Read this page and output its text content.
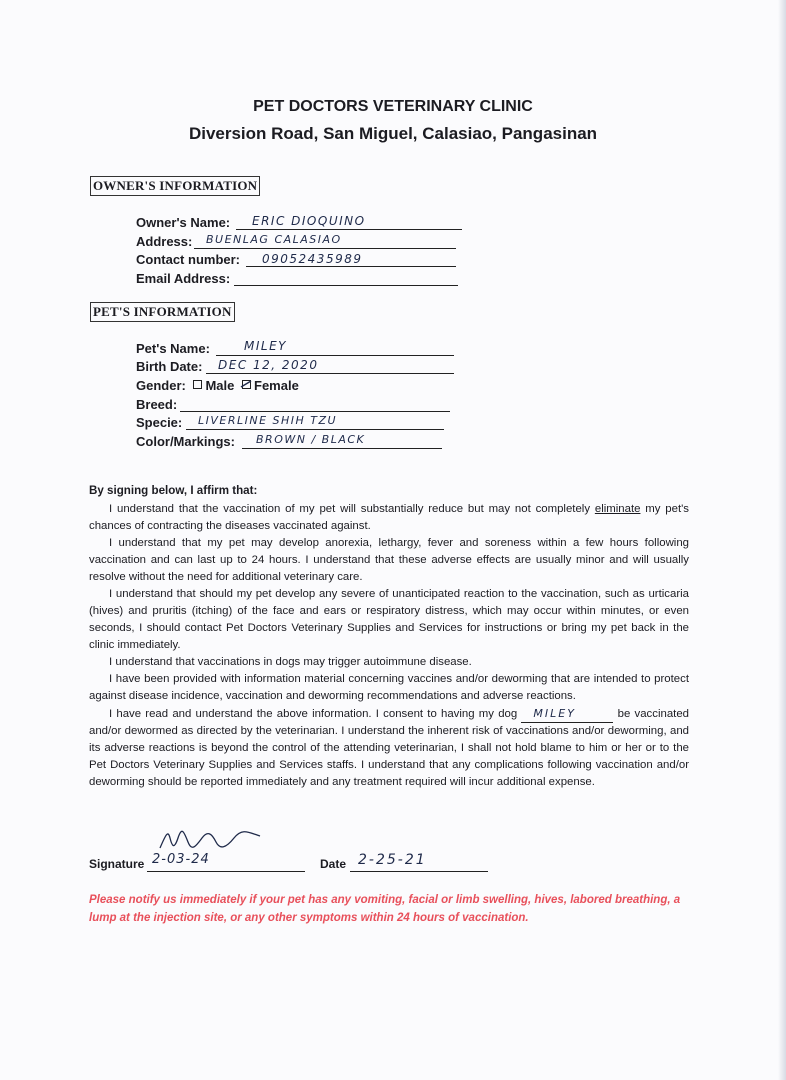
PET DOCTORS VETERINARY CLINIC
Diversion Road, San Miguel, Calasiao, Pangasinan
OWNER'S INFORMATION
Owner's Name: ERIC DIOQUINO
Address: BUENLAG CALASIAO
Contact number: 09052435989
Email Address:
PET'S INFORMATION
Pet's Name:	MILEY
Birth Date: DEC 12, 2020
Gender: Male Female
Breed:
Specie: LIVERLINE SHIH TZU
Color/Markings: BROWN / BLACK
By signing below, I affirm that:

I understand that the vaccination of my pet will substantially reduce but may not completely eliminate my pet's chances of contracting the diseases vaccinated against.

I understand that my pet may develop anorexia, lethargy, fever and soreness within a few hours following vaccination and can last up to 24 hours. I understand that these adverse effects are usually minor and will usually resolve without the need for additional veterinary care.

I understand that should my pet develop any severe of unanticipated reaction to the vaccination, such as urticaria (hives) and pruritis (itching) of the face and ears or respiratory distress, which may occur within minutes, or even seconds, I should contact Pet Doctors Veterinary Supplies and Services for instructions or bring my pet back in the clinic immediately.

I understand that vaccinations in dogs may trigger autoimmune disease.

I have been provided with information material concerning vaccines and/or deworming that are intended to protect against disease incidence, vaccination and deworming recommendations and adverse reactions.

I have read and understand the above information. I consent to having my dog MILEY	be vaccinated and/or dewormed as directed by the veterinarian. I understand the inherent risk of vaccinations and/or deworming, and its adverse reactions is beyond the control of the attending veterinarian, I shall not hold blame to him or her or to the Pet Doctors Veterinary Supplies and Services staffs. I understand that any complications following vaccination and/or deworming should be reported immediately and any treatment required will incur additional expense.

Signature 2-03-24	Date 2-25-21
Please notify us immediately if your pet has any vomiting, facial or limb swelling, hives, labored breathing, a lump at the injection site, or any other symptoms within 24 hours of vaccination.
